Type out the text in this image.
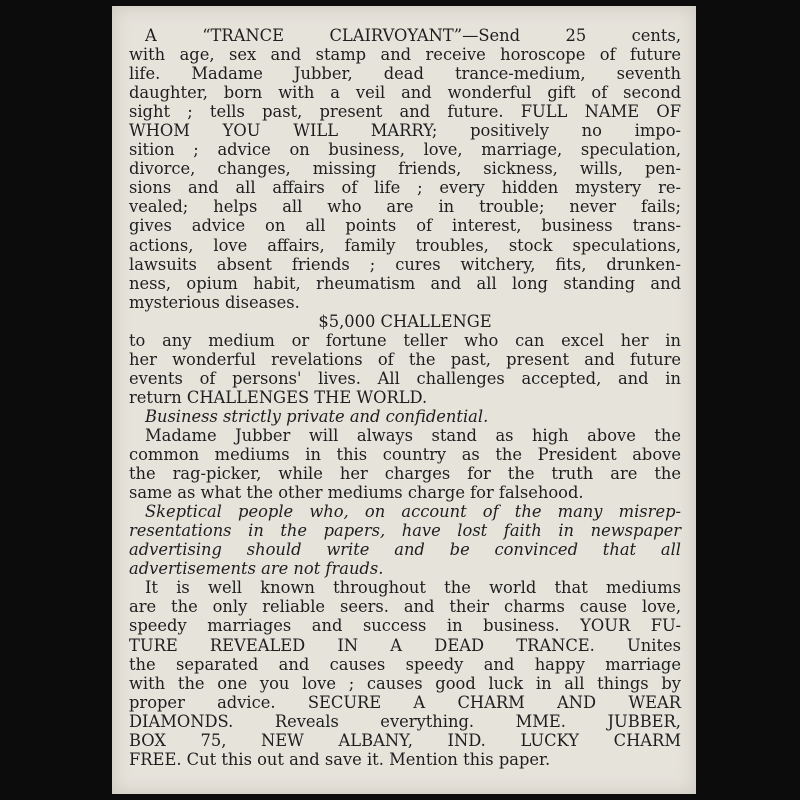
A “TRANCE CLAIRVOYANT”—Send 25 cents,

with age, sex and stamp and receive horoscope of future

life. Madame Jubber, dead trance-medium, seventh

daughter, born with a veil and wonderful gift of second

sight ; tells past, present and future. FULL NAME OF

WHOM YOU WILL MARRY; positively no impo-

sition ; advice on business, love, marriage, speculation,

divorce, changes, missing friends, sickness, wills, pen-

sions and all affairs of life ; every hidden mystery re-

vealed; helps all who are in trouble; never fails;

gives advice on all points of interest, business trans-

actions, love affairs, family troubles, stock speculations,

lawsuits absent friends ; cures witchery, fits, drunken-

ness, opium habit, rheumatism and all long standing and

mysterious diseases.

$5,000 CHALLENGE

to any medium or fortune teller who can excel her in

her wonderful revelations of the past, present and future

events of persons' lives. All challenges accepted, and in

return CHALLENGES THE WORLD.

Business strictly private and confidential.

Madame Jubber will always stand as high above the

common mediums in this country as the President above

the rag-picker, while her charges for the truth are the

same as what the other mediums charge for falsehood.

Skeptical people who, on account of the many misrep-

resentations in the papers, have lost faith in newspaper

advertising should write and be convinced that all

advertisements are not frauds.

It is well known throughout the world that mediums

are the only reliable seers. and their charms cause love,

speedy marriages and success in business. YOUR FU-

TURE REVEALED IN A DEAD TRANCE. Unites

the separated and causes speedy and happy marriage

with the one you love ; causes good luck in all things by

proper advice. SECURE A CHARM AND WEAR

DIAMONDS. Reveals everything. MME. JUBBER,

BOX 75, NEW ALBANY, IND. LUCKY CHARM

FREE. Cut this out and save it. Mention this paper.
